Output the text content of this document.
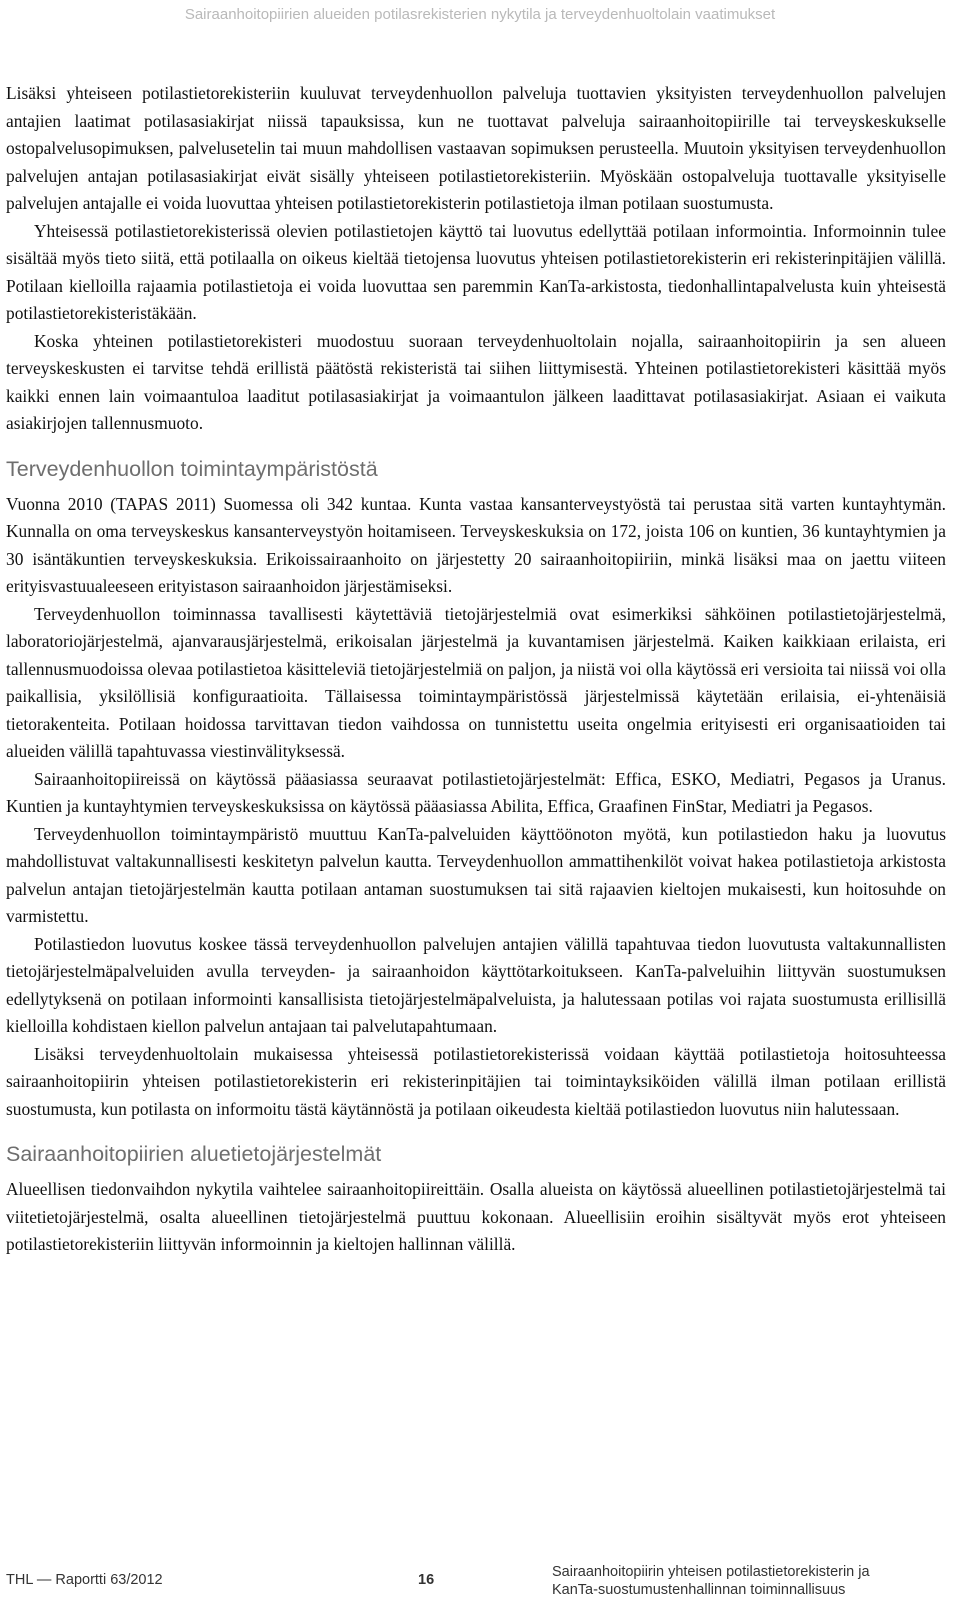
Sairaanhoitopiirien alueiden potilasrekisterien nykytila ja terveydenhuoltolain vaatimukset

Lisäksi yhteiseen potilastietorekisteriin kuuluvat terveydenhuollon palveluja tuottavien yksityisten terveydenhuollon palvelujen antajien laatimat potilasasiakirjat niissä tapauksissa, kun ne tuottavat palveluja sairaanhoitopiirille tai terveyskeskukselle ostopalvelusopimuksen, palvelusetelin tai muun mahdollisen vastaavan sopimuksen perusteella. Muutoin yksityisen terveydenhuollon palvelujen antajan potilasasiakirjat eivät sisälly yhteiseen potilastietorekisteriin. Myöskään ostopalveluja tuottavalle yksityiselle palvelujen antajalle ei voida luovuttaa yhteisen potilastietorekisterin potilastietoja ilman potilaan suostumusta.

Yhteisessä potilastietorekisterissä olevien potilastietojen käyttö tai luovutus edellyttää potilaan informointia. Informoinnin tulee sisältää myös tieto siitä, että potilaalla on oikeus kieltää tietojensa luovutus yhteisen potilastietorekisterin eri rekisterinpitäjien välillä. Potilaan kielloilla rajaamia potilastietoja ei voida luovuttaa sen paremmin KanTa-arkistosta, tiedonhallintapalvelusta kuin yhteisestä potilastietorekisteristäkään.

Koska yhteinen potilastietorekisteri muodostuu suoraan terveydenhuoltolain nojalla, sairaanhoitopiirin ja sen alueen terveyskeskusten ei tarvitse tehdä erillistä päätöstä rekisteristä tai siihen liittymisestä. Yhteinen potilastietorekisteri käsittää myös kaikki ennen lain voimaantuloa laaditut potilasasiakirjat ja voimaantulon jälkeen laadittavat potilasasiakirjat. Asiaan ei vaikuta asiakirjojen tallennusmuoto.

Terveydenhuollon toimintaympäristöstä

Vuonna 2010 (TAPAS 2011) Suomessa oli 342 kuntaa. Kunta vastaa kansanterveystyöstä tai perustaa sitä varten kuntayhtymän. Kunnalla on oma terveyskeskus kansanterveystyön hoitamiseen. Terveyskeskuksia on 172, joista 106 on kuntien, 36 kuntayhtymien ja 30 isäntäkuntien terveyskeskuksia. Erikoissairaanhoito on järjestetty 20 sairaanhoitopiiriin, minkä lisäksi maa on jaettu viiteen erityisvastuualeeseen erityistason sairaanhoidon järjestämiseksi.

Terveydenhuollon toiminnassa tavallisesti käytettäviä tietojärjestelmiä ovat esimerkiksi sähköinen potilastietojärjestelmä, laboratoriojärjestelmä, ajanvarausjärjestelmä, erikoisalan järjestelmä ja kuvantamisen järjestelmä. Kaiken kaikkiaan erilaista, eri tallennusmuodoissa olevaa potilastietoa käsitteleviä tietojärjestelmiä on paljon, ja niistä voi olla käytössä eri versioita tai niissä voi olla paikallisia, yksilöllisiä konfiguraatioita. Tällaisessa toimintaympäristössä järjestelmissä käytetään erilaisia, ei-yhtenäisiä tietorakenteita. Potilaan hoidossa tarvittavan tiedon vaihdossa on tunnistettu useita ongelmia erityisesti eri organisaatioiden tai alueiden välillä tapahtuvassa viestinvälityksessä.

Sairaanhoitopiireissä on käytössä pääasiassa seuraavat potilastietojärjestelmät: Effica, ESKO, Mediatri, Pegasos ja Uranus. Kuntien ja kuntayhtymien terveyskeskuksissa on käytössä pääasiassa Abilita, Effica, Graafinen FinStar, Mediatri ja Pegasos.

Terveydenhuollon toimintaympäristö muuttuu KanTa-palveluiden käyttöönoton myötä, kun potilastiedon haku ja luovutus mahdollistuvat valtakunnallisesti keskitetyn palvelun kautta. Terveydenhuollon ammattihenkilöt voivat hakea potilastietoja arkistosta palvelun antajan tietojärjestelmän kautta potilaan antaman suostumuksen tai sitä rajaavien kieltojen mukaisesti, kun hoitosuhde on varmistettu.

Potilastiedon luovutus koskee tässä terveydenhuollon palvelujen antajien välillä tapahtuvaa tiedon luovutusta valtakunnallisten tietojärjestelmäpalveluiden avulla terveyden- ja sairaanhoidon käyttötarkoitukseen. KanTa-palveluihin liittyvän suostumuksen edellytyksenä on potilaan informointi kansallisista tietojärjestelmäpalveluista, ja halutessaan potilas voi rajata suostumusta erillisillä kielloilla kohdistaen kiellon palvelun antajaan tai palvelutapahtumaan.

Lisäksi terveydenhuoltolain mukaisessa yhteisessä potilastietorekisterissä voidaan käyttää potilastietoja hoitosuhteessa sairaanhoitopiirin yhteisen potilastietorekisterin eri rekisterinpitäjien tai toimintayksiköiden välillä ilman potilaan erillistä suostumusta, kun potilasta on informoitu tästä käytännöstä ja potilaan oikeudesta kieltää potilastiedon luovutus niin halutessaan.

Sairaanhoitopiirien aluetietojärjestelmät

Alueellisen tiedonvaihdon nykytila vaihtelee sairaanhoitopiireittäin. Osalla alueista on käytössä alueellinen potilastietojärjestelmä tai viitetietojärjestelmä, osalta alueellinen tietojärjestelmä puuttuu kokonaan. Alueellisiin eroihin sisältyvät myös erot yhteiseen potilastietorekisteriin liittyvän informoinnin ja kieltojen hallinnan välillä.

THL — Raportti 63/2012	16	Sairaanhoitopiirin yhteisen potilastietorekisterin ja
KanTa-suostumustenhallinnan toiminnallisuus
